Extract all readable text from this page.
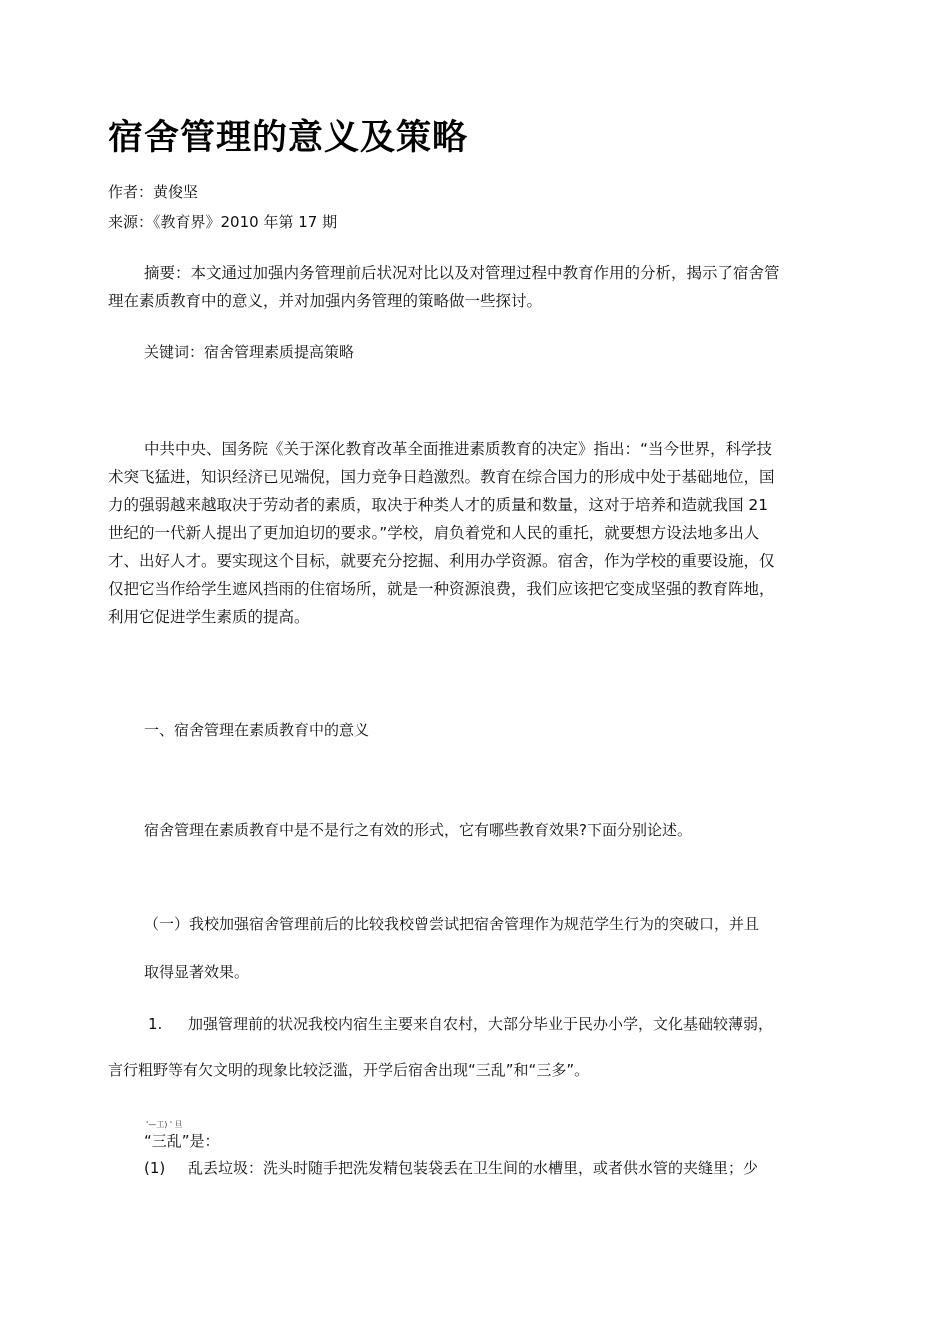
宿舍管理的意义及策略
作者：黄俊坚
来源：《教育界》2010 年第 17 期
摘要：本文通过加强内务管理前后状况对比以及对管理过程中教育作用的分析，揭示了宿舍管
理在素质教育中的意义，并对加强内务管理的策略做一些探讨。
关键词：宿舍管理素质提高策略
中共中央、国务院《关于深化教育改革全面推进素质教育的决定》指出：“当今世界，科学技
术突飞猛进，知识经济已见端倪，国力竞争日趋激烈。教育在综合国力的形成中处于基础地位，国
力的强弱越来越取决于劳动者的素质，取决于种类人才的质量和数量，这对于培养和造就我国 21
世纪的一代新人提出了更加迫切的要求。”学校，肩负着党和人民的重托，就要想方设法地多出人
才、出好人才。要实现这个目标，就要充分挖掘、利用办学资源。宿舍，作为学校的重要设施，仅
仅把它当作给学生遮风挡雨的住宿场所，就是一种资源浪费，我们应该把它变成坚强的教育阵地，
利用它促进学生素质的提高。
一、宿舍管理在素质教育中的意义
宿舍管理在素质教育中是不是行之有效的形式，它有哪些教育效果?下面分别论述。
（一）我校加强宿舍管理前后的比较我校曾尝试把宿舍管理作为规范学生行为的突破口，并且
取得显著效果。
1. 加强管理前的状况我校内宿生主要来自农村，大部分毕业于民办小学，文化基础较薄弱，
言行粗野等有欠文明的现象比较泛滥，开学后宿舍出现“三乱”和“三多”。
'—工) ' 旦
“三乱”是：
(1) 乱丢垃圾：洗头时随手把洗发精包装袋丢在卫生间的水槽里，或者供水管的夹缝里；少
